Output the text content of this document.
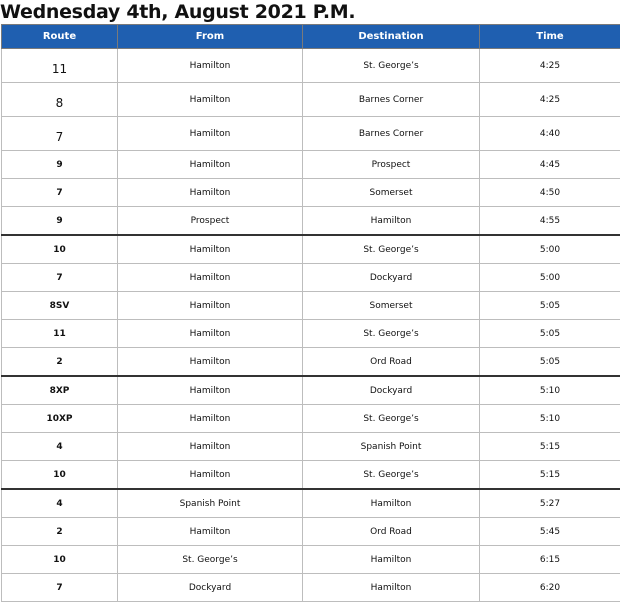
Wednesday 4th, August 2021 P.M.
Route	From	Destination	Time
11	Hamilton	St. George’s	4:25
8	Hamilton	Barnes Corner	4:25
7	Hamilton	Barnes Corner	4:40
9	Hamilton	Prospect	4:45
7	Hamilton	Somerset	4:50
9	Prospect	Hamilton	4:55
10	Hamilton	St. George’s	5:00
7	Hamilton	Dockyard	5:00
8SV	Hamilton	Somerset	5:05
11	Hamilton	St. George’s	5:05
2	Hamilton	Ord Road	5:05
8XP	Hamilton	Dockyard	5:10
10XP	Hamilton	St. George’s	5:10
4	Hamilton	Spanish Point	5:15
10	Hamilton	St. George’s	5:15
4	Spanish Point	Hamilton	5:27
2	Hamilton	Ord Road	5:45
10	St. George’s	Hamilton	6:15
7	Dockyard	Hamilton	6:20
